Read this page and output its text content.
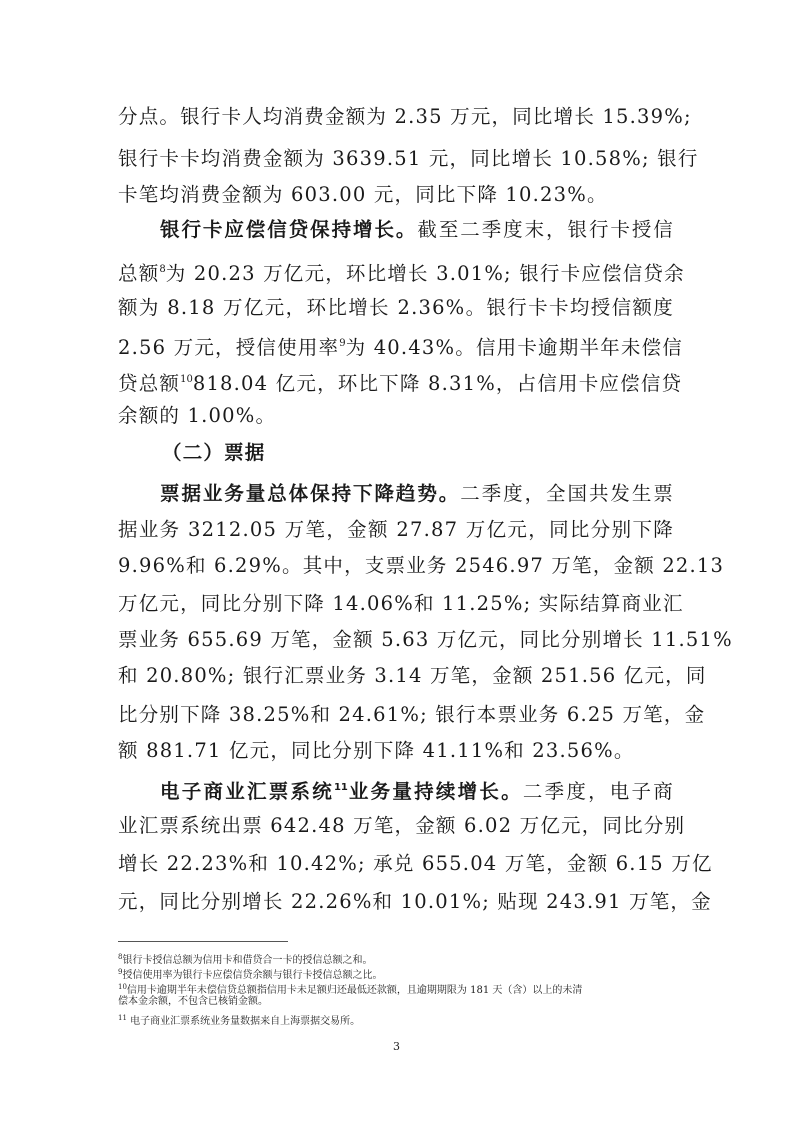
分点。银行卡人均消费金额为 2.35 万元，同比增长 15.39%;
银行卡卡均消费金额为 3639.51 元，同比增长 10.58%; 银行
卡笔均消费金额为 603.00 元，同比下降 10.23%。
银行卡应偿信贷保持增长。截至二季度末，银行卡授信
总额$^8$为 20.23 万亿元，环比增长 3.01%; 银行卡应偿信贷余
额为 8.18 万亿元，环比增长 2.36%。银行卡卡均授信额度
2.56 万元，授信使用率$^9$为 40.43%。信用卡逾期半年未偿信
贷总额$^{10}$818.04 亿元，环比下降 8.31%，占信用卡应偿信贷
余额的 1.00%。
（二）票据
票据业务量总体保持下降趋势。二季度，全国共发生票
据业务 3212.05 万笔，金额 27.87 万亿元，同比分别下降
9.96%和 6.29%。其中，支票业务 2546.97 万笔，金额 22.13
万亿元，同比分别下降 14.06%和 11.25%; 实际结算商业汇
票业务 655.69 万笔，金额 5.63 万亿元，同比分别增长 11.51%
和 20.80%; 银行汇票业务 3.14 万笔，金额 251.56 亿元，同
比分别下降 38.25%和 24.61%; 银行本票业务 6.25 万笔，金
额 881.71 亿元，同比分别下降 41.11%和 23.56%。
电子商业汇票系统$^{11}$业务量持续增长。二季度，电子商
业汇票系统出票 642.48 万笔，金额 6.02 万亿元，同比分别
增长 22.23%和 10.42%; 承兑 655.04 万笔，金额 6.15 万亿
元，同比分别增长 22.26%和 10.01%; 贴现 243.91 万笔，金
$^8$银行卡授信总额为信用卡和借贷合一卡的授信总额之和。
$^9$授信使用率为银行卡应偿信贷余额与银行卡授信总额之比。
$^{10}$信用卡逾期半年未偿信贷总额指信用卡未足额归还最低还款额，且逾期期限为 181 天（含）以上的未清
偿本金余额，不包含已核销金额。
$^{11}$ 电子商业汇票系统业务量数据来自上海票据交易所。
3
